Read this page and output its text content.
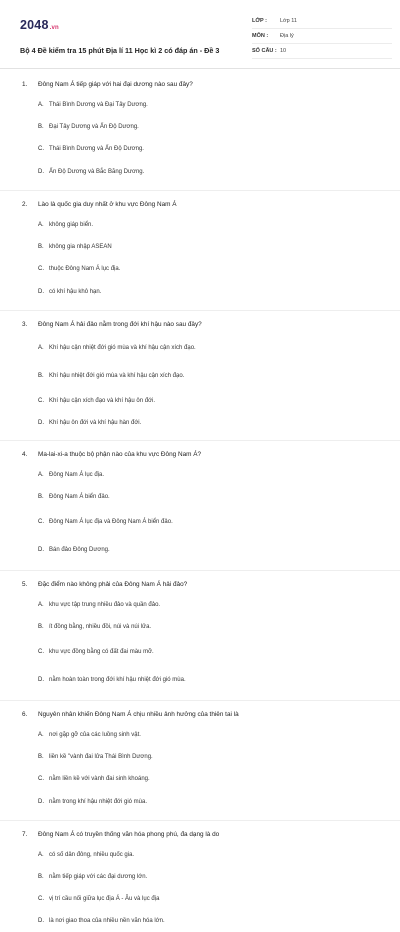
2048.vn
Bộ 4 Đề kiểm tra 15 phút Địa lí 11 Học kì 2 có đáp án - Đề 3
LỚP :	Lớp 11
MÔN :	Địa lý
SỐ CÂU : 10
1.	Đông Nam Á tiếp giáp với hai đại dương nào sau đây?
A. Thái Bình Dương và Đại Tây Dương.
B. Đại Tây Dương và Ấn Độ Dương.
C. Thái Bình Dương và Ấn Độ Dương.
D. Ấn Độ Dương và Bắc Băng Dương.
2.	Lào là quốc gia duy nhất ở khu vực Đông Nam Á
A. không giáp biển.
B. không gia nhập ASEAN
C. thuộc Đông Nam Á lục địa.
D. có khí hậu khô hạn.
3.	Đông Nam Á hải đảo nằm trong đới khí hậu nào sau đây?
A. Khí hậu cận nhiệt đới gió mùa và khí hậu cận xích đạo.
B. Khí hậu nhiệt đới gió mùa và khí hậu cận xích đạo.
C. Khí hậu cận xích đạo và khí hậu ôn đới.
D. Khí hậu ôn đới và khí hậu hàn đới.
4.	Ma-lai-xi-a thuộc bộ phận nào của khu vực Đông Nam Á?
A. Đông Nam Á lục địa.
B. Đông Nam Á biển đảo.
C. Đông Nam Á lục địa và Đông Nam Á biển đảo.
D. Bán đảo Đông Dương.
5.	Đặc điểm nào không phải của Đông Nam Á hải đảo?
A. khu vực tập trung nhiều đảo và quần đảo.
B. ít đồng bằng, nhiều đồi, núi và núi lửa.
C. khu vực đồng bằng có đất đai màu mỡ.
D. nằm hoàn toàn trong đới khí hậu nhiệt đới gió mùa.
6.	Nguyên nhân khiến Đông Nam Á chịu nhiều ảnh hưởng của thiên tai là
A. nơi gặp gỡ của các luồng sinh vật.
B. liền kề "vành đai lửa Thái Bình Dương.
C. nằm liền kề với vành đai sinh khoáng.
D. nằm trong khí hậu nhiệt đới gió mùa.
7.	Đông Nam Á có truyền thống văn hóa phong phú, đa dạng là do
A. có số dân đông, nhiều quốc gia.
B. nằm tiếp giáp với các đại dương lớn.
C. vị trí cầu nối giữa lục địa Á - Âu và lục địa
D. là nơi giao thoa của nhiều nền văn hóa lớn.
